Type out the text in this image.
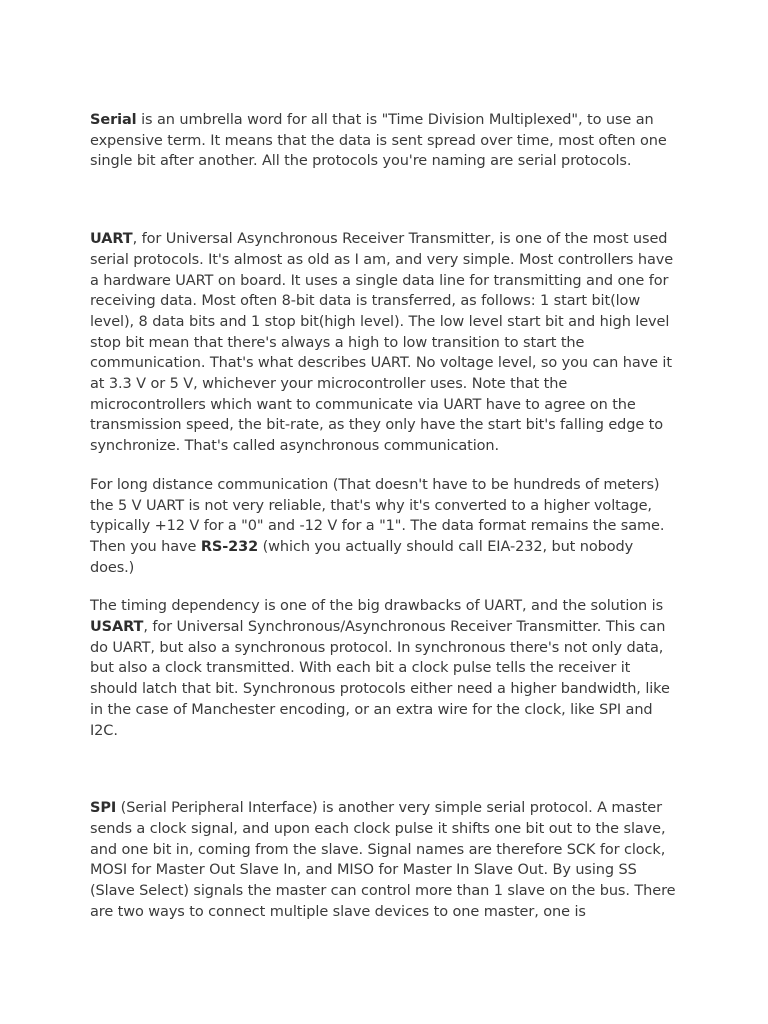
Serial is an umbrella word for all that is "Time Division Multiplexed", to use an expensive term. It means that the data is sent spread over time, most often one single bit after another. All the protocols you're naming are serial protocols.

UART, for Universal Asynchronous Receiver Transmitter, is one of the most used serial protocols. It's almost as old as I am, and very simple. Most controllers have a hardware UART on board. It uses a single data line for transmitting and one for receiving data. Most often 8-bit data is transferred, as follows: 1 start bit(low level), 8 data bits and 1 stop bit(high level). The low level start bit and high level stop bit mean that there's always a high to low transition to start the communication. That's what describes UART. No voltage level, so you can have it at 3.3 V or 5 V, whichever your microcontroller uses. Note that the microcontrollers which want to communicate via UART have to agree on the transmission speed, the bit-rate, as they only have the start bit's falling edge to synchronize. That's called asynchronous communication.

For long distance communication (That doesn't have to be hundreds of meters) the 5 V UART is not very reliable, that's why it's converted to a higher voltage, typically +12 V for a "0" and -12 V for a "1". The data format remains the same. Then you have RS-232 (which you actually should call EIA-232, but nobody does.)

The timing dependency is one of the big drawbacks of UART, and the solution is USART, for Universal Synchronous/Asynchronous Receiver Transmitter. This can do UART, but also a synchronous protocol. In synchronous there's not only data, but also a clock transmitted. With each bit a clock pulse tells the receiver it should latch that bit. Synchronous protocols either need a higher bandwidth, like in the case of Manchester encoding, or an extra wire for the clock, like SPI and I2C.

SPI (Serial Peripheral Interface) is another very simple serial protocol. A master sends a clock signal, and upon each clock pulse it shifts one bit out to the slave, and one bit in, coming from the slave. Signal names are therefore SCK for clock, MOSI for Master Out Slave In, and MISO for Master In Slave Out. By using SS (Slave Select) signals the master can control more than 1 slave on the bus. There are two ways to connect multiple slave devices to one master, one is
